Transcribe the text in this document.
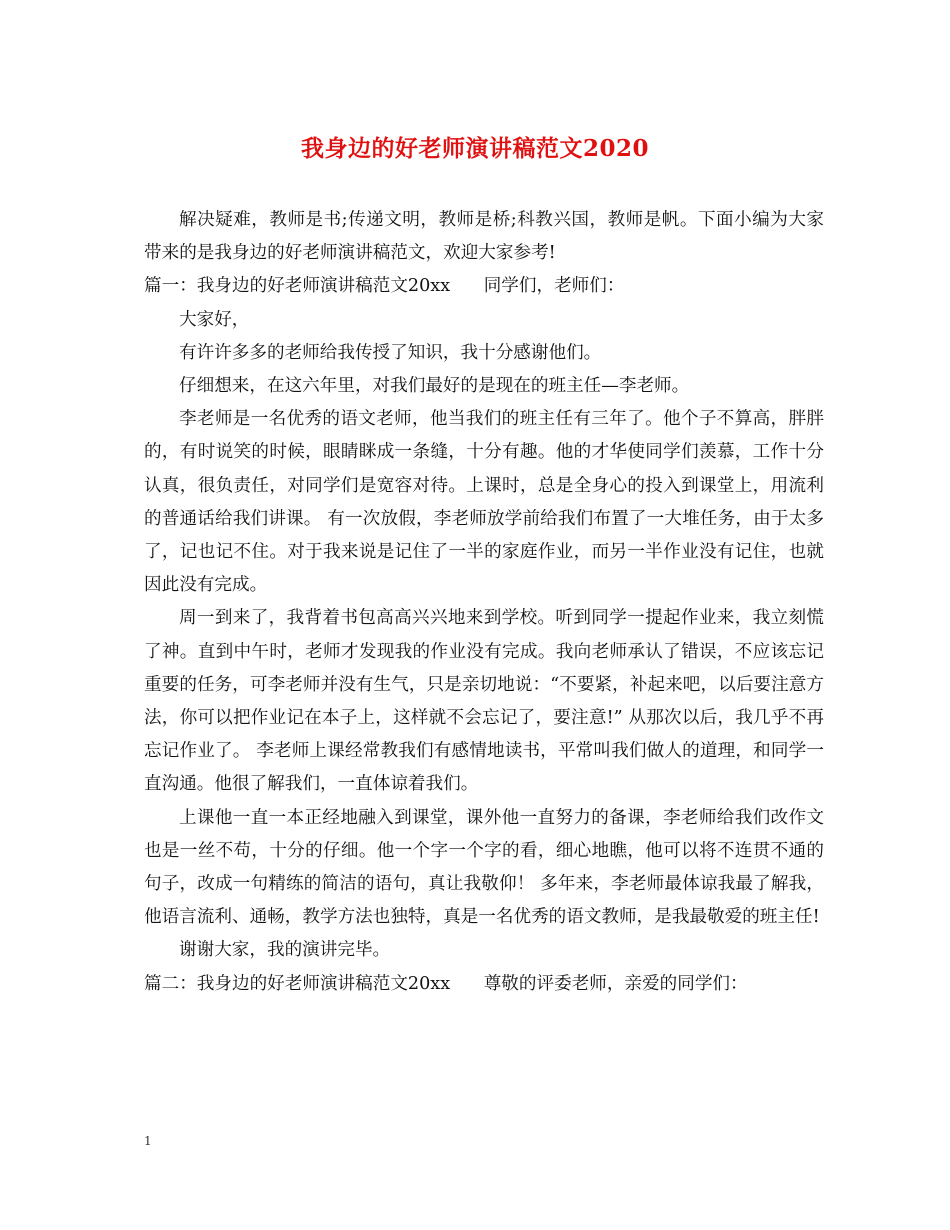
我身边的好老师演讲稿范文2020

解决疑难，教师是书;传递文明，教师是桥;科教兴国，教师是帆。下面小编为大家带来的是我身边的好老师演讲稿范文，欢迎大家参考!

篇一：我身边的好老师演讲稿范文20xx 同学们，老师们：

大家好，

有许许多多的老师给我传授了知识，我十分感谢他们。

仔细想来，在这六年里，对我们最好的是现在的班主任—李老师。

李老师是一名优秀的语文老师，他当我们的班主任有三年了。他个子不算高，胖胖的，有时说笑的时候，眼睛眯成一条缝，十分有趣。他的才华使同学们羡慕，工作十分认真，很负责任，对同学们是宽容对待。上课时，总是全身心的投入到课堂上，用流利的普通话给我们讲课。 有一次放假，李老师放学前给我们布置了一大堆任务，由于太多了，记也记不住。对于我来说是记住了一半的家庭作业，而另一半作业没有记住，也就因此没有完成。

周一到来了，我背着书包高高兴兴地来到学校。听到同学一提起作业来，我立刻慌了神。直到中午时，老师才发现我的作业没有完成。我向老师承认了错误，不应该忘记重要的任务，可李老师并没有生气，只是亲切地说：“不要紧，补起来吧，以后要注意方法，你可以把作业记在本子上，这样就不会忘记了，要注意!” 从那次以后，我几乎不再忘记作业了。 李老师上课经常教我们有感情地读书，平常叫我们做人的道理，和同学一直沟通。他很了解我们，一直体谅着我们。

上课他一直一本正经地融入到课堂，课外他一直努力的备课，李老师给我们改作文也是一丝不苟，十分的仔细。他一个字一个字的看，细心地瞧，他可以将不连贯不通的句子，改成一句精练的简洁的语句，真让我敬仰！ 多年来，李老师最体谅我最了解我，他语言流利、通畅，教学方法也独特，真是一名优秀的语文教师，是我最敬爱的班主任!

谢谢大家，我的演讲完毕。

篇二：我身边的好老师演讲稿范文20xx 尊敬的评委老师，亲爱的同学们：

1
